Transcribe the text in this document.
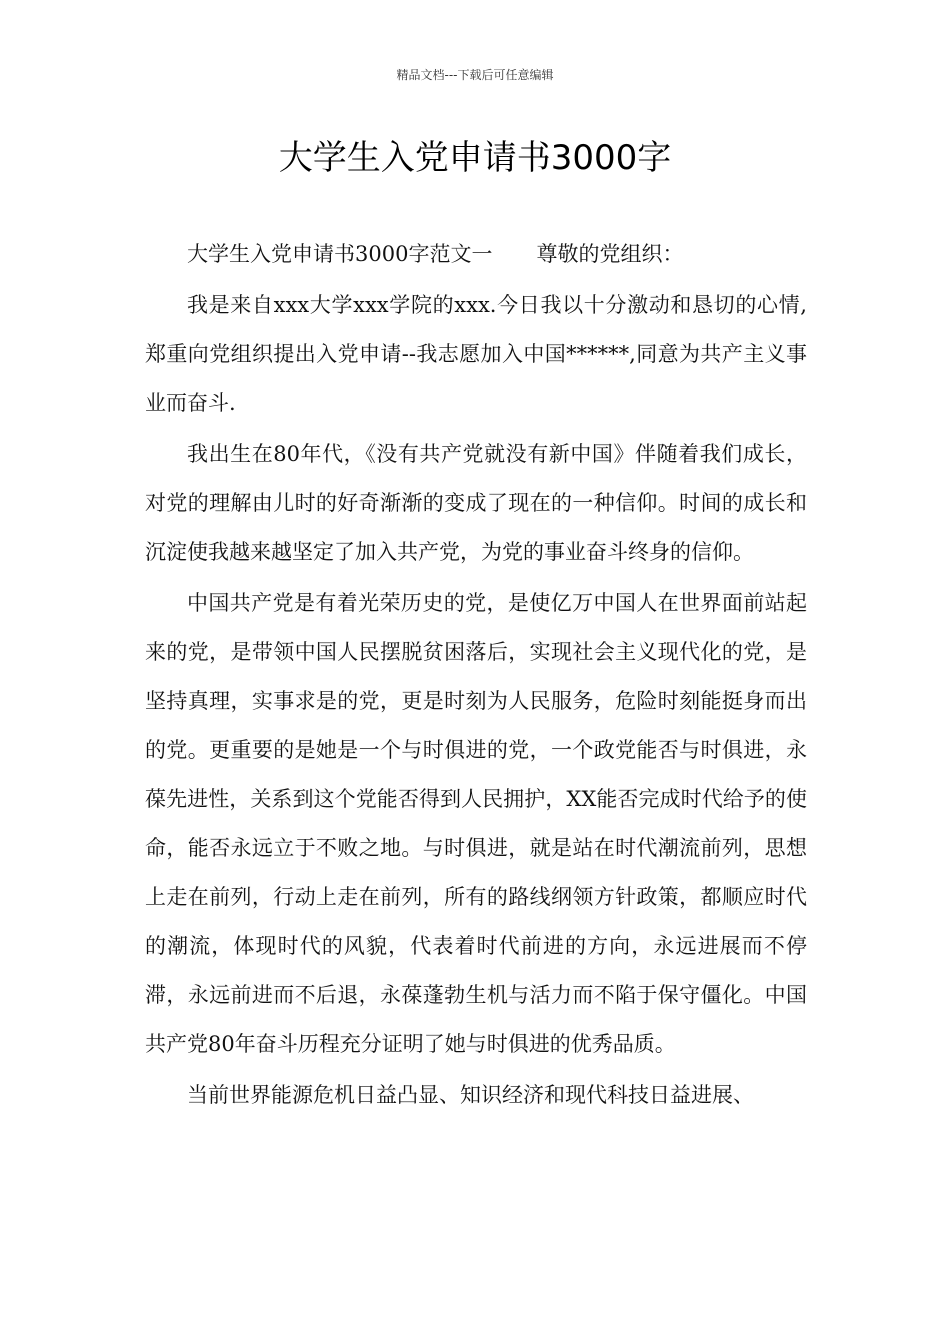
精品文档---下载后可任意编辑
大学生入党申请书3000字

大学生入党申请书3000字范文一 尊敬的党组织：

我是来自xxx大学xxx学院的xxx.今日我以十分激动和恳切的心情,郑重向党组织提出入党申请--我志愿加入中国******,同意为共产主义事业而奋斗.

我出生在80年代，《没有共产党就没有新中国》伴随着我们成长，对党的理解由儿时的好奇渐渐的变成了现在的一种信仰。时间的成长和沉淀使我越来越坚定了加入共产党，为党的事业奋斗终身的信仰。

中国共产党是有着光荣历史的党，是使亿万中国人在世界面前站起来的党，是带领中国人民摆脱贫困落后，实现社会主义现代化的党，是坚持真理，实事求是的党，更是时刻为人民服务，危险时刻能挺身而出的党。更重要的是她是一个与时俱进的党，一个政党能否与时俱进，永葆先进性，关系到这个党能否得到人民拥护，XX能否完成时代给予的使命，能否永远立于不败之地。与时俱进，就是站在时代潮流前列，思想上走在前列，行动上走在前列，所有的路线纲领方针政策，都顺应时代的潮流，体现时代的风貌，代表着时代前进的方向，永远进展而不停滞，永远前进而不后退，永葆蓬勃生机与活力而不陷于保守僵化。中国共产党80年奋斗历程充分证明了她与时俱进的优秀品质。

当前世界能源危机日益凸显、知识经济和现代科技日益进展、
